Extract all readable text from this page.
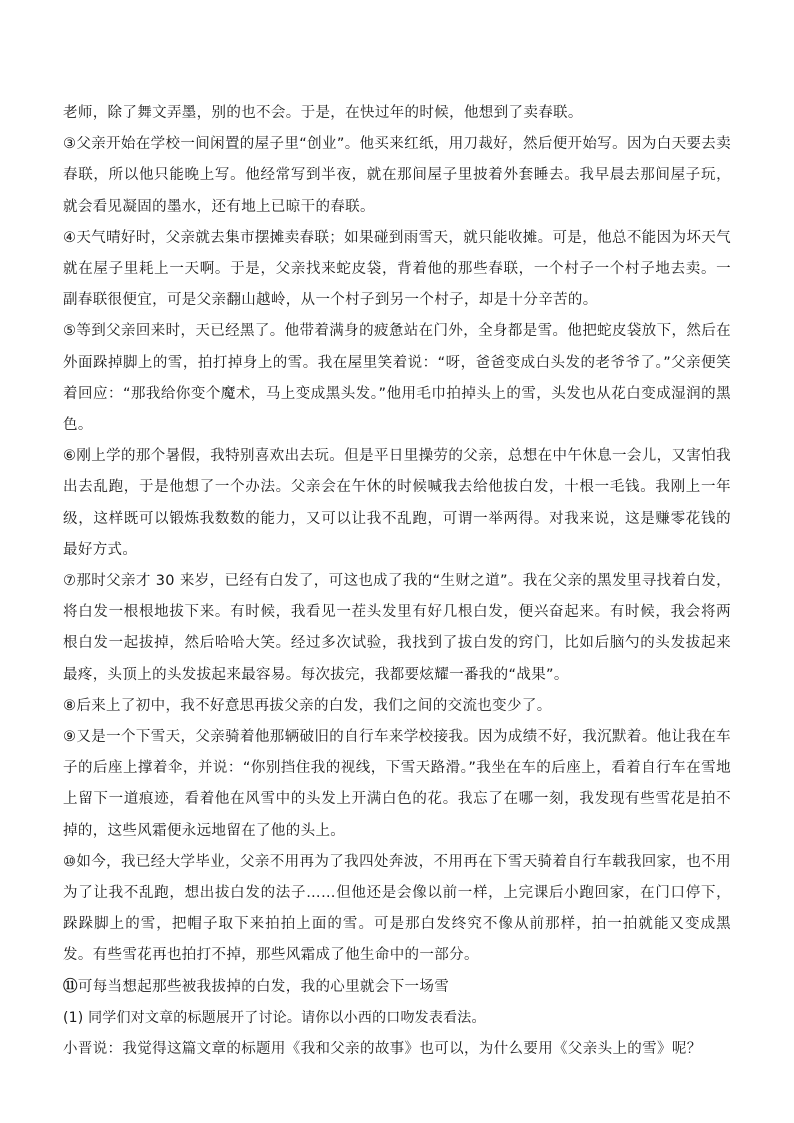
老师，除了舞文弄墨，别的也不会。于是，在快过年的时候，他想到了卖春联。

③父亲开始在学校一间闲置的屋子里“创业”。他买来红纸，用刀裁好，然后便开始写。因为白天要去卖春联，所以他只能晚上写。他经常写到半夜，就在那间屋子里披着外套睡去。我早晨去那间屋子玩，就会看见凝固的墨水，还有地上已晾干的春联。

④天气晴好时，父亲就去集市摆摊卖春联；如果碰到雨雪天，就只能收摊。可是，他总不能因为坏天气就在屋子里耗上一天啊。于是，父亲找来蛇皮袋，背着他的那些春联，一个村子一个村子地去卖。一副春联很便宜，可是父亲翻山越岭，从一个村子到另一个村子，却是十分辛苦的。

⑤等到父亲回来时，天已经黑了。他带着满身的疲惫站在门外，全身都是雪。他把蛇皮袋放下，然后在外面跺掉脚上的雪，拍打掉身上的雪。我在屋里笑着说：“呀，爸爸变成白头发的老爷爷了。”父亲便笑着回应：“那我给你变个魔术，马上变成黑头发。”他用毛巾拍掉头上的雪，头发也从花白变成湿润的黑色。

⑥刚上学的那个暑假，我特别喜欢出去玩。但是平日里操劳的父亲，总想在中午休息一会儿，又害怕我出去乱跑，于是他想了一个办法。父亲会在午休的时候喊我去给他拔白发，十根一毛钱。我刚上一年级，这样既可以锻炼我数数的能力，又可以让我不乱跑，可谓一举两得。对我来说，这是赚零花钱的最好方式。

⑦那时父亲才 30 来岁，已经有白发了，可这也成了我的“生财之道”。我在父亲的黑发里寻找着白发，将白发一根根地拔下来。有时候，我看见一茬头发里有好几根白发，便兴奋起来。有时候，我会将两根白发一起拔掉，然后哈哈大笑。经过多次试验，我找到了拔白发的窍门，比如后脑勺的头发拔起来最疼，头顶上的头发拔起来最容易。每次拔完，我都要炫耀一番我的“战果”。

⑧后来上了初中，我不好意思再拔父亲的白发，我们之间的交流也变少了。

⑨又是一个下雪天，父亲骑着他那辆破旧的自行车来学校接我。因为成绩不好，我沉默着。他让我在车子的后座上撑着伞，并说：“你别挡住我的视线，下雪天路滑。”我坐在车的后座上，看着自行车在雪地上留下一道痕迹，看着他在风雪中的头发上开满白色的花。我忘了在哪一刻，我发现有些雪花是拍不掉的，这些风霜便永远地留在了他的头上。

⑩如今，我已经大学毕业，父亲不用再为了我四处奔波，不用再在下雪天骑着自行车载我回家，也不用为了让我不乱跑，想出拔白发的法子……但他还是会像以前一样，上完课后小跑回家，在门口停下，跺跺脚上的雪，把帽子取下来拍拍上面的雪。可是那白发终究不像从前那样，拍一拍就能又变成黑发。有些雪花再也拍打不掉，那些风霜成了他生命中的一部分。

⑪可每当想起那些被我拔掉的白发，我的心里就会下一场雪

(1) 同学们对文章的标题展开了讨论。请你以小西的口吻发表看法。

小晋说：我觉得这篇文章的标题用《我和父亲的故事》也可以，为什么要用《父亲头上的雪》呢？
